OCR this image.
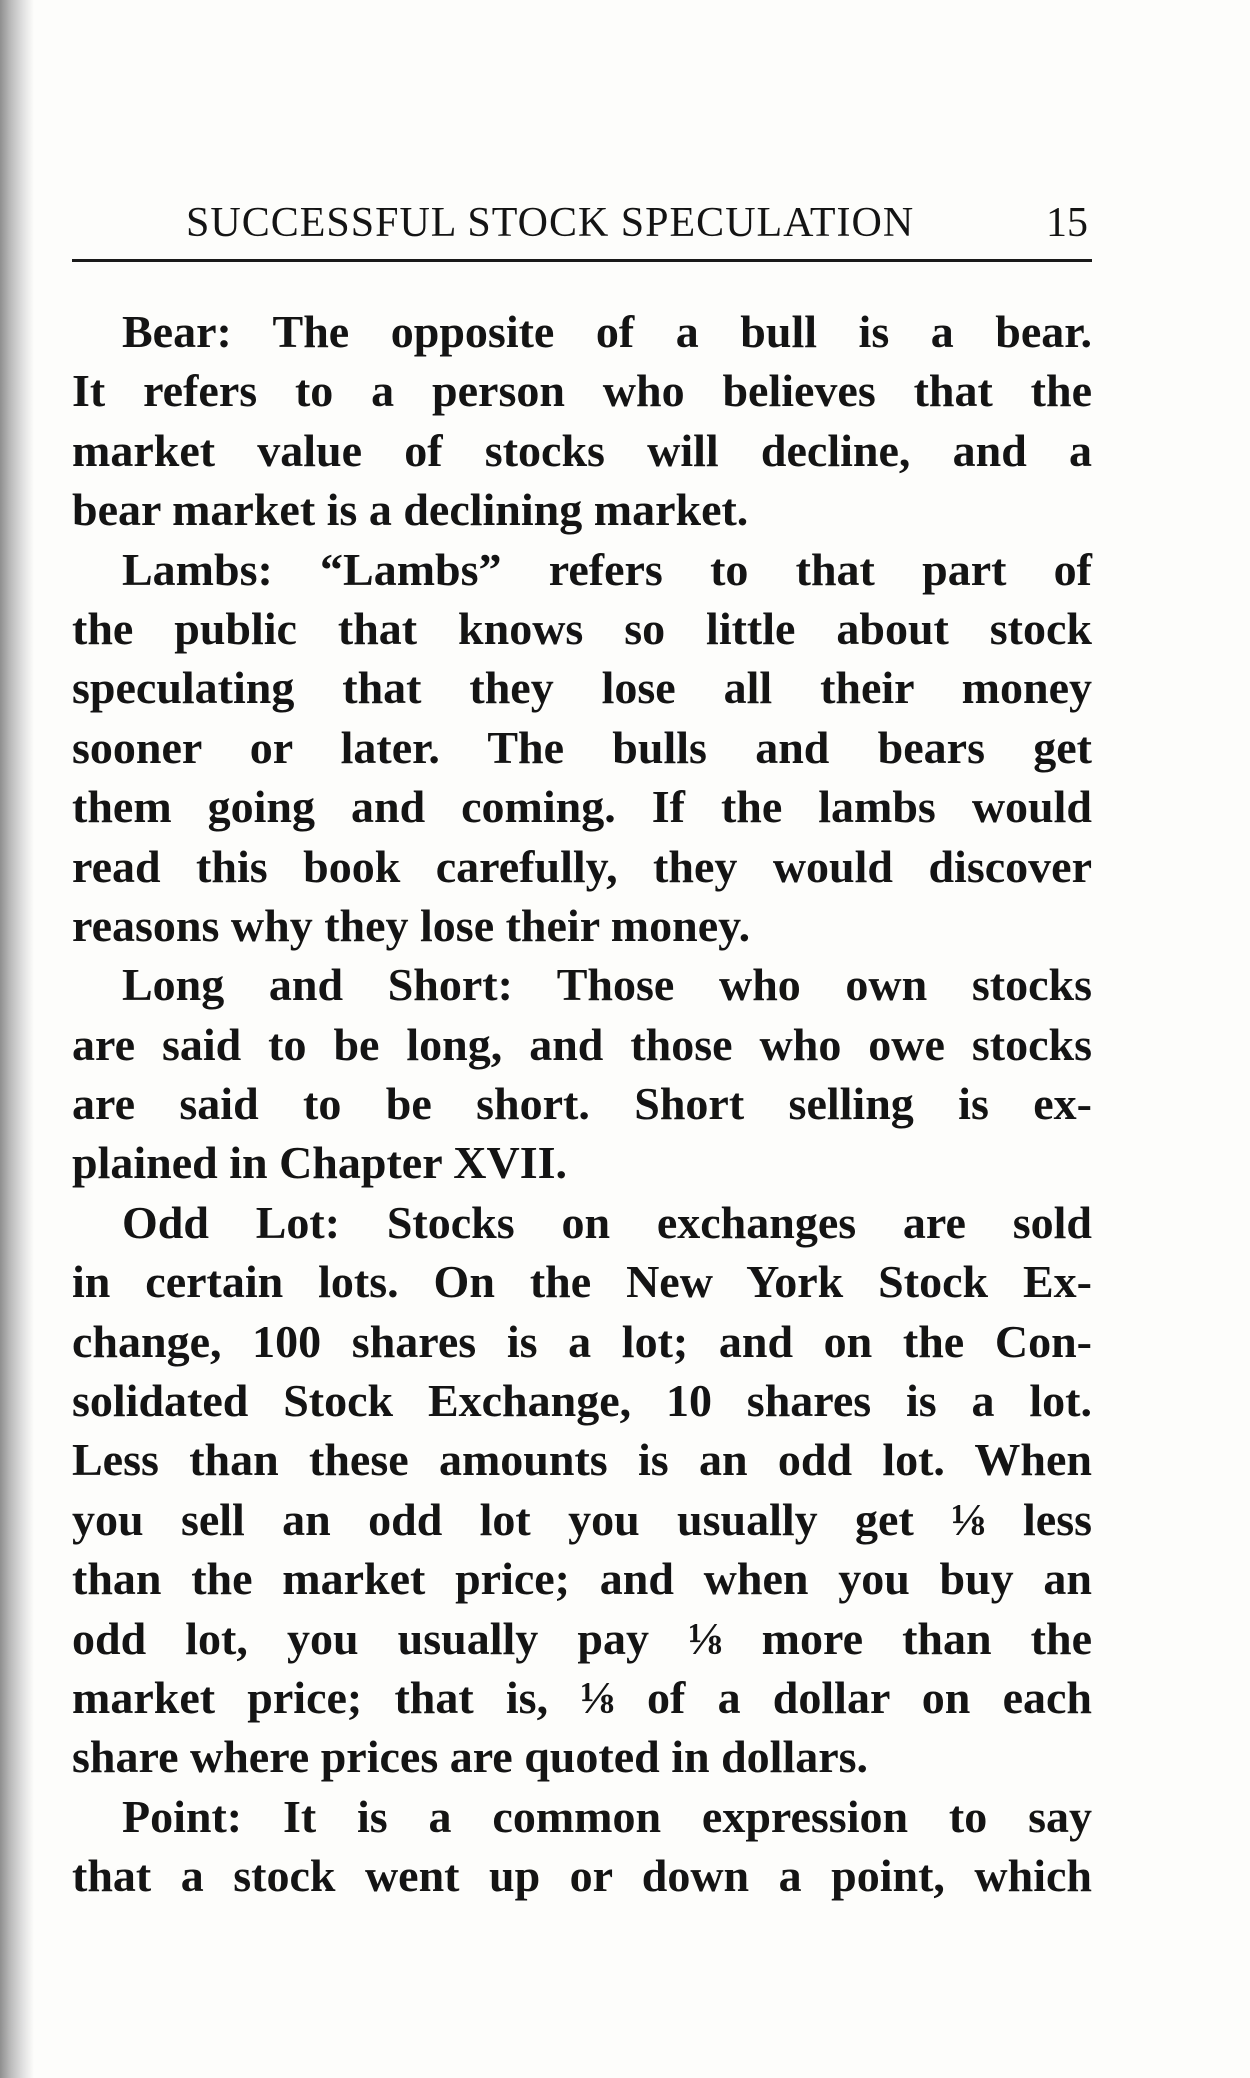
SUCCESSFUL STOCK SPECULATION	15
Bear: The opposite of a bull is a bear.
It refers to a person who believes that the
market value of stocks will decline, and a
bear market is a declining market.
Lambs: “Lambs” refers to that part of
the public that knows so little about stock
speculating that they lose all their money
sooner or later. The bulls and bears get
them going and coming. If the lambs would
read this book carefully, they would discover
reasons why they lose their money.
Long and Short: Those who own stocks
are said to be long, and those who owe stocks
are said to be short. Short selling is ex-
plained in Chapter XVII.
Odd Lot: Stocks on exchanges are sold
in certain lots. On the New York Stock Ex-
change, 100 shares is a lot; and on the Con-
solidated Stock Exchange, 10 shares is a lot.
Less than these amounts is an odd lot. When
you sell an odd lot you usually get ⅛ less
than the market price; and when you buy an
odd lot, you usually pay ⅛ more than the
market price; that is, ⅛ of a dollar on each
share where prices are quoted in dollars.
Point: It is a common expression to say
that a stock went up or down a point, which
